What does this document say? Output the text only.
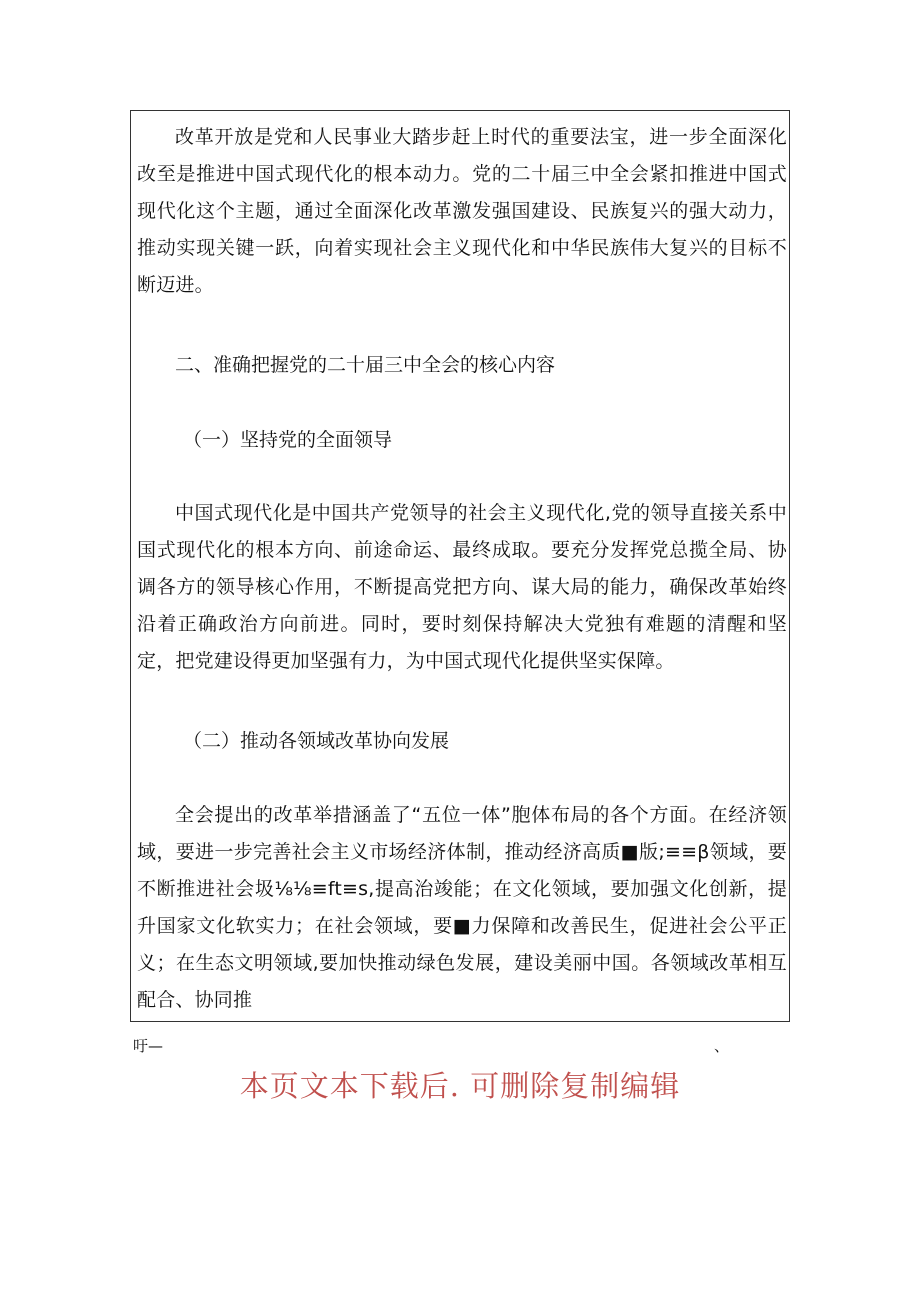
改革开放是党和人民事业大踏步赶上时代的重要法宝，进一步全面深化改至是推进中国式现代化的根本动力。党的二十届三中全会紧扣推进中国式现代化这个主题，通过全面深化改革激发强国建设、民族复兴的强大动力，推动实现关键一跃，向着实现社会主义现代化和中华民族伟大复兴的目标不断迈进。

二、准确把握党的二十届三中全会的核心内容

（一）坚持党的全面领导

中国式现代化是中国共产党领导的社会主义现代化,党的领导直接关系中国式现代化的根本方向、前途命运、最终成取。要充分发挥党总揽全局、协调各方的领导核心作用，不断提高党把方向、谋大局的能力，确保改革始终沿着正确政治方向前进。同时，要时刻保持解决大党独有难题的清醒和坚定，把党建设得更加坚强有力，为中国式现代化提供坚实保障。

（二）推动各领域改革协向发展

全会提出的改革举措涵盖了“五位一体”胞体布局的各个方面。在经济领域，要进一步完善社会主义市场经济体制，推动经济高质■版;≡≡β领域，要不断推进社会圾⅛⅛≡ft≡s,提高治竣能；在文化领域，要加强文化创新，提升国家文化软实力；在社会领域，要■力保障和改善民生，促进社会公平正义；在生态文明领域,要加快推动绿色发展，建设美丽中国。各领域改革相互配合、协同推

吁—	、
本页文本下载后. 可删除复制编辑
